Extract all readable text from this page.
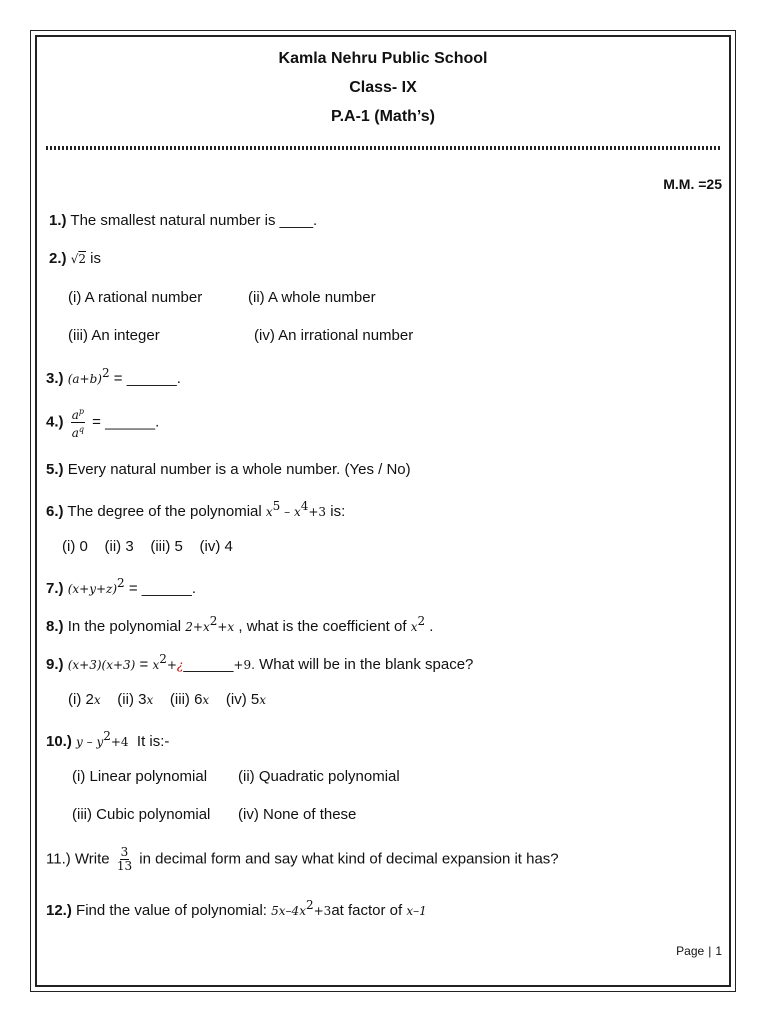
Kamla Nehru Public School
Class- IX
P.A-1 (Math’s)
M.M. =25
1.) The smallest natural number is ____.
2.) √2 is
(i) A rational number	(ii) A whole number
(iii) An integer	(iv) An irrational number
3.) $(a+b)^2$ = ______.
$4.) \frac{a^p}{a^q}$ = ______.
5.) Every natural number is a whole number. (Yes / No)
6.) The degree of the polynomial $x^5 - x^4+3$ is:
(i) 0    (ii) 3    (iii) 5    (iv) 4
7.) $(x+y+z)^2$ = ______.
8.) In the polynomial $2+x^2+x$ , what is the coefficient of $x^2$ .
9.) $(x+3)(x+3) = x^2+¿\_\_\_\_\_\_+9$. What will be in the blank space?
(i) 2x (ii) 3x (iii) 6x (iv) 5x
10.) $y - y^2+4$ It is:-
(i) Linear polynomial (ii) Quadratic polynomial
(iii) Cubic polynomial (iv) None of these
11.) Write $\frac{3}{13}$ in decimal form and say what kind of decimal expansion it has?
12.) Find the value of polynomial: $5x-4x^2+3at$ factor of x–1
Page | 1
